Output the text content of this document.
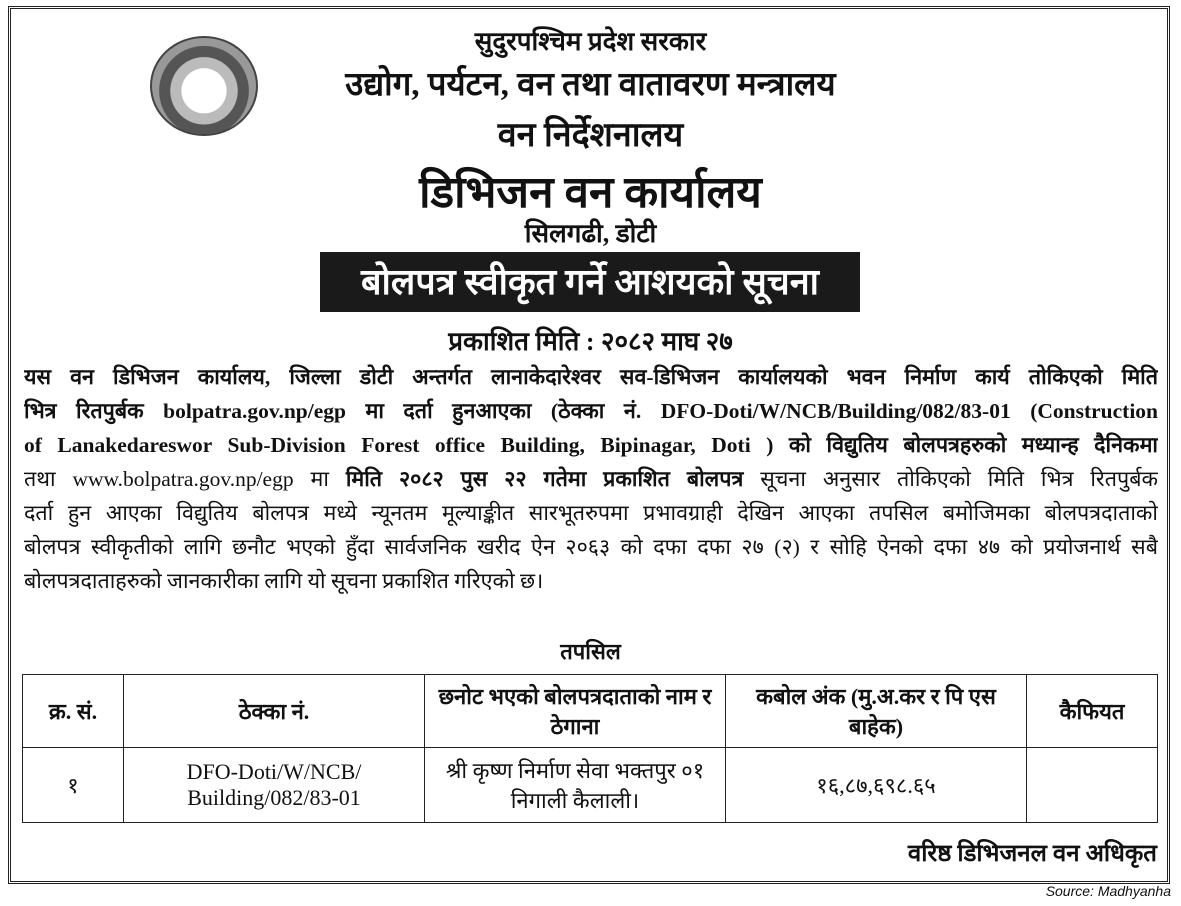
सुदुरपश्चिम प्रदेश सरकार
उद्योग, पर्यटन, वन तथा वातावरण मन्त्रालय
वन निर्देशनालय
डिभिजन वन कार्यालय
सिलगढी, डोटी
बोलपत्र स्वीकृत गर्ने आशयको सूचना
प्रकाशित मिति : २०८२ माघ २७
यस वन डिभिजन कार्यालय, जिल्ला डोटी अन्तर्गत लानाकेदारेश्वर सव-डिभिजन कार्यालयको भवन निर्माण कार्य तोकिएको मिति
भित्र रितपुर्बक bolpatra.gov.np/egp मा दर्ता हुनआएका (ठेक्का नं. DFO-Doti/W/NCB/Building/082/83-01 (Construction
of Lanakedareswor Sub-Division Forest office Building, Bipinagar, Doti ) को विद्युतिय बोलपत्रहरुको मध्यान्ह दैनिकमा
तथा www.bolpatra.gov.np/egp मा मिति २०८२ पुस २२ गतेमा प्रकाशित बोलपत्र सूचना अनुसार तोकिएको मिति भित्र रितपुर्बक
दर्ता हुन आएका विद्युतिय बोलपत्र मध्ये न्यूनतम मूल्याङ्कीत सारभूतरुपमा प्रभावग्राही देखिन आएका तपसिल बमोजिमका बोलपत्रदाताको
बोलपत्र स्वीकृतीको लागि छनौट भएको हुँदा सार्वजनिक खरीद ऐन २०६३ को दफा दफा २७ (२) र सोहि ऐनको दफा ४७ को प्रयोजनार्थ सबै
बोलपत्रदाताहरुको जानकारीका लागि यो सूचना प्रकाशित गरिएको छ।
तपसिल
क्र. सं.	ठेक्का नं.	छनोट भएको बोलपत्रदाताको नाम र ठेगाना	कबोल अंक (मु.अ.कर र पि एस बाहेक)	कैफियत
१	DFO-Doti/W/NCB/ Building/082/83-01	श्री कृष्ण निर्माण सेवा भक्तपुर ०१ निगाली कैलाली।	१६,८७,६९८.६५	
वरिष्ठ डिभिजनल वन अधिकृत
Source: Madhyanha
